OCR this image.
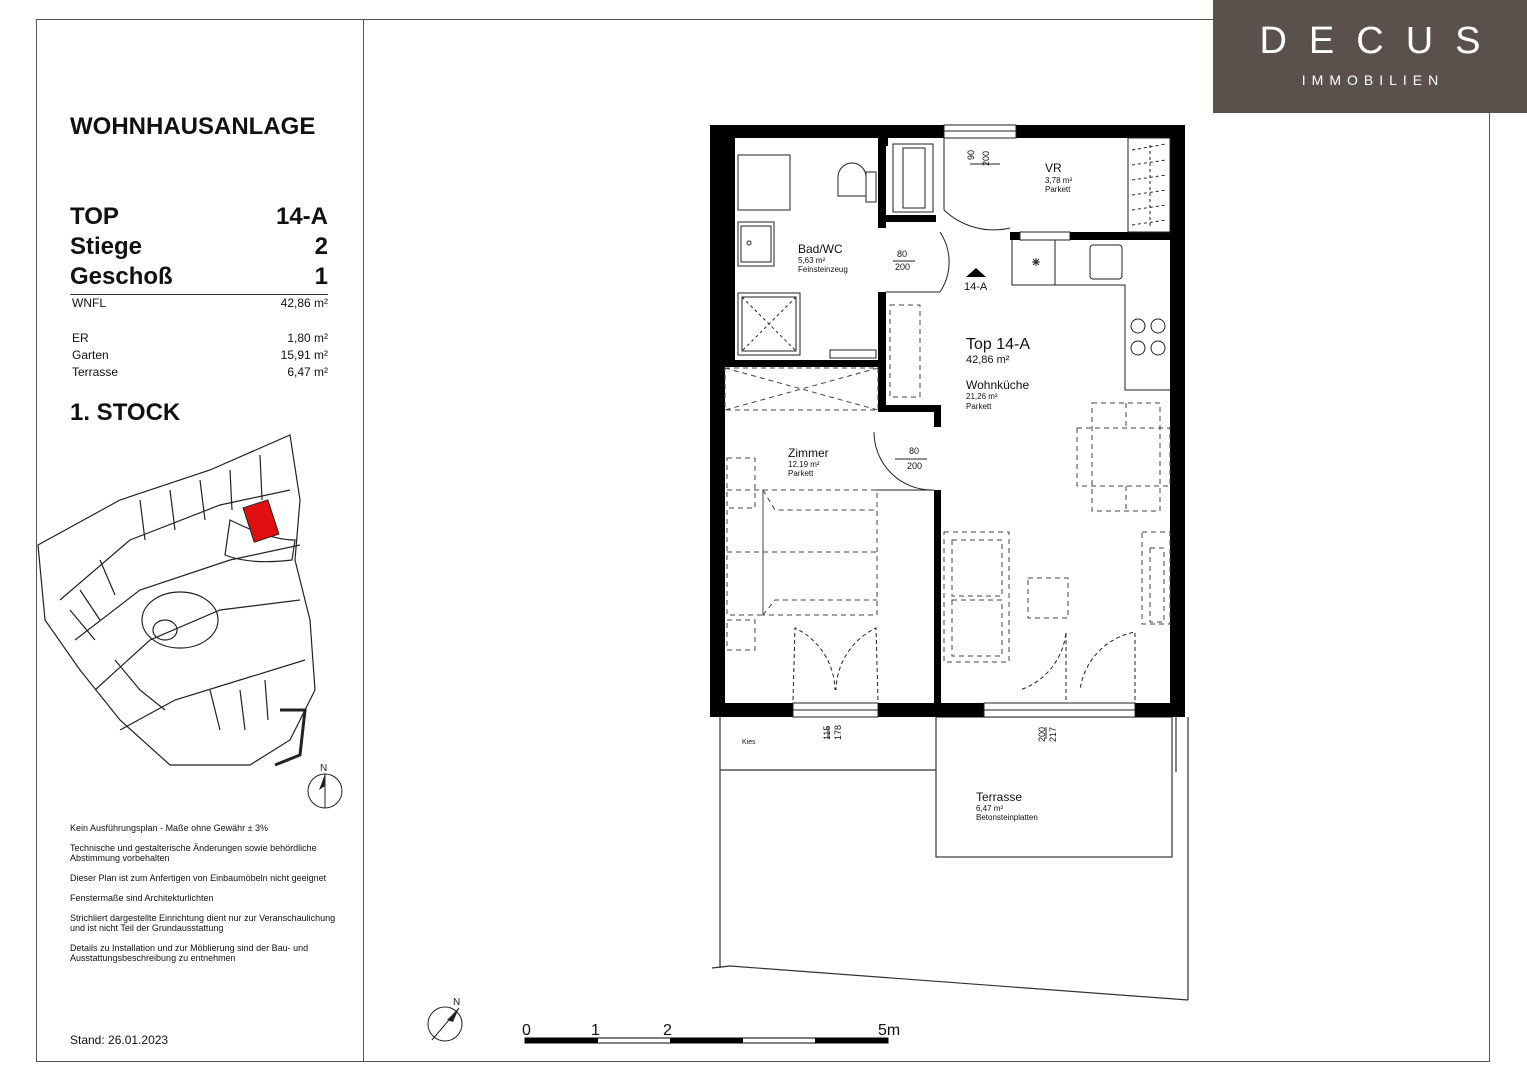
DECUS
IMMOBILIEN
WOHNHAUSANLAGE
TOP	14-A
Stiege	2
Geschoß	1
WNFL	42,86 m²
ER	1,80 m²
Garten	15,91 m²
Terrasse	6,47 m²
1. STOCK

Kein Ausführungsplan - Maße ohne Gewähr ± 3%

Technische und gestalterische Änderungen sowie behördliche Abstimmung vorbehalten

Dieser Plan ist zum Anfertigen von Einbaumöbeln nicht geeignet

Fenstermaße sind Architekturlichten

Strichliert dargestellte Einrichtung dient nur zur Veranschaulichung und ist nicht Teil der Grundausstattung

Details zu Installation und zur Möblierung sind der Bau- und Ausstattungsbeschreibung zu entnehmen

Stand: 26.01.2023
N
N
0	1	2	5m
VR
3,78 m²
Parkett
Bad/WC
5,63 m²
Feinsteinzeug
14-A
Top 14-A
42,86 m²
Wohnküche
21,26 m²
Parkett
Zimmer
12,19 m²
Parkett
Terrasse
6,47 m²
Betonsteinplatten
Kies
90 200
80
200
80
200
115 178	200 217
